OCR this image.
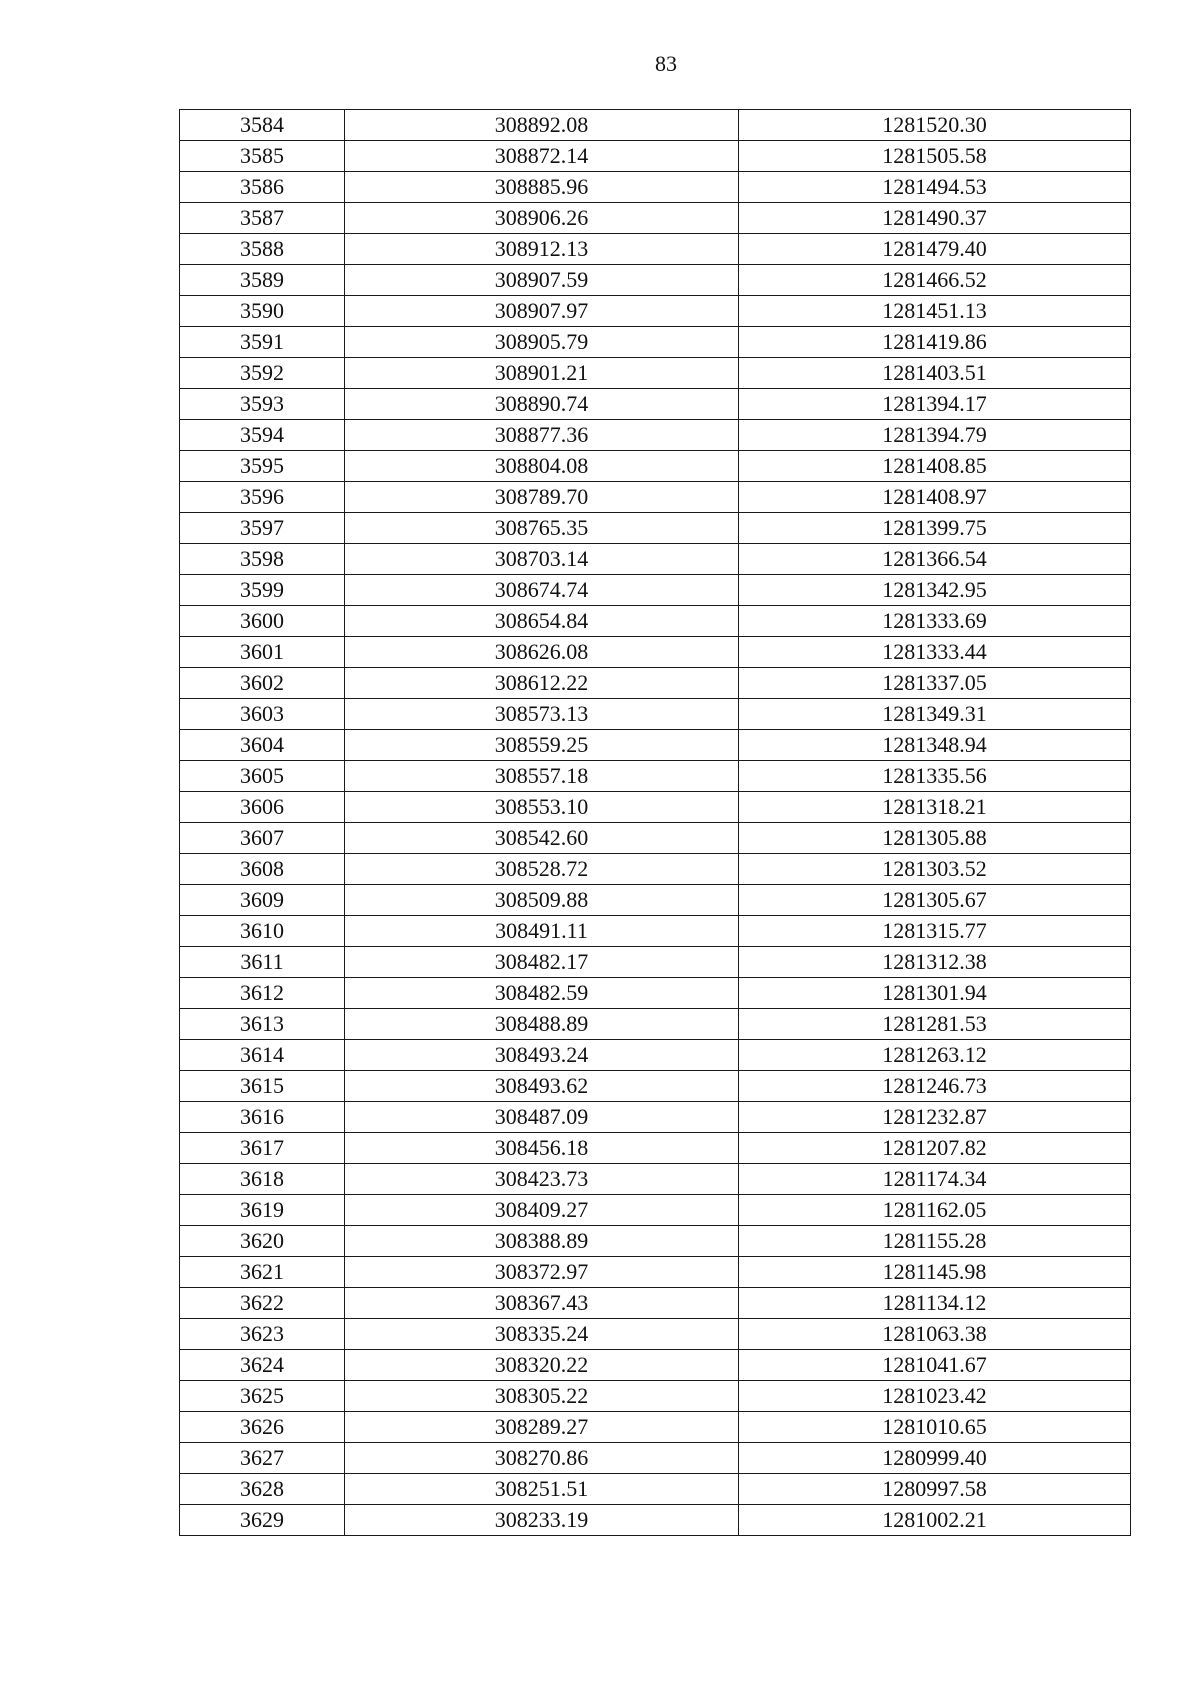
83
3584	308892.08	1281520.30
3585	308872.14	1281505.58
3586	308885.96	1281494.53
3587	308906.26	1281490.37
3588	308912.13	1281479.40
3589	308907.59	1281466.52
3590	308907.97	1281451.13
3591	308905.79	1281419.86
3592	308901.21	1281403.51
3593	308890.74	1281394.17
3594	308877.36	1281394.79
3595	308804.08	1281408.85
3596	308789.70	1281408.97
3597	308765.35	1281399.75
3598	308703.14	1281366.54
3599	308674.74	1281342.95
3600	308654.84	1281333.69
3601	308626.08	1281333.44
3602	308612.22	1281337.05
3603	308573.13	1281349.31
3604	308559.25	1281348.94
3605	308557.18	1281335.56
3606	308553.10	1281318.21
3607	308542.60	1281305.88
3608	308528.72	1281303.52
3609	308509.88	1281305.67
3610	308491.11	1281315.77
3611	308482.17	1281312.38
3612	308482.59	1281301.94
3613	308488.89	1281281.53
3614	308493.24	1281263.12
3615	308493.62	1281246.73
3616	308487.09	1281232.87
3617	308456.18	1281207.82
3618	308423.73	1281174.34
3619	308409.27	1281162.05
3620	308388.89	1281155.28
3621	308372.97	1281145.98
3622	308367.43	1281134.12
3623	308335.24	1281063.38
3624	308320.22	1281041.67
3625	308305.22	1281023.42
3626	308289.27	1281010.65
3627	308270.86	1280999.40
3628	308251.51	1280997.58
3629	308233.19	1281002.21
